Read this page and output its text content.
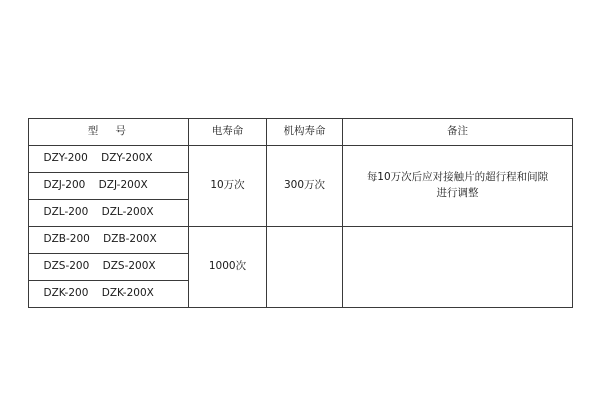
型　号	电寿命	机构寿命	备注
DZY-200    DZY-200X	10万次	300万次	每10万次后应对接触片的超行程和间隙
进行调整

DZJ-200    DZJ-200X			
DZL-200    DZL-200X			
DZB-200    DZB-200X	1000次		
DZS-200    DZS-200X			
DZK-200    DZK-200X			
